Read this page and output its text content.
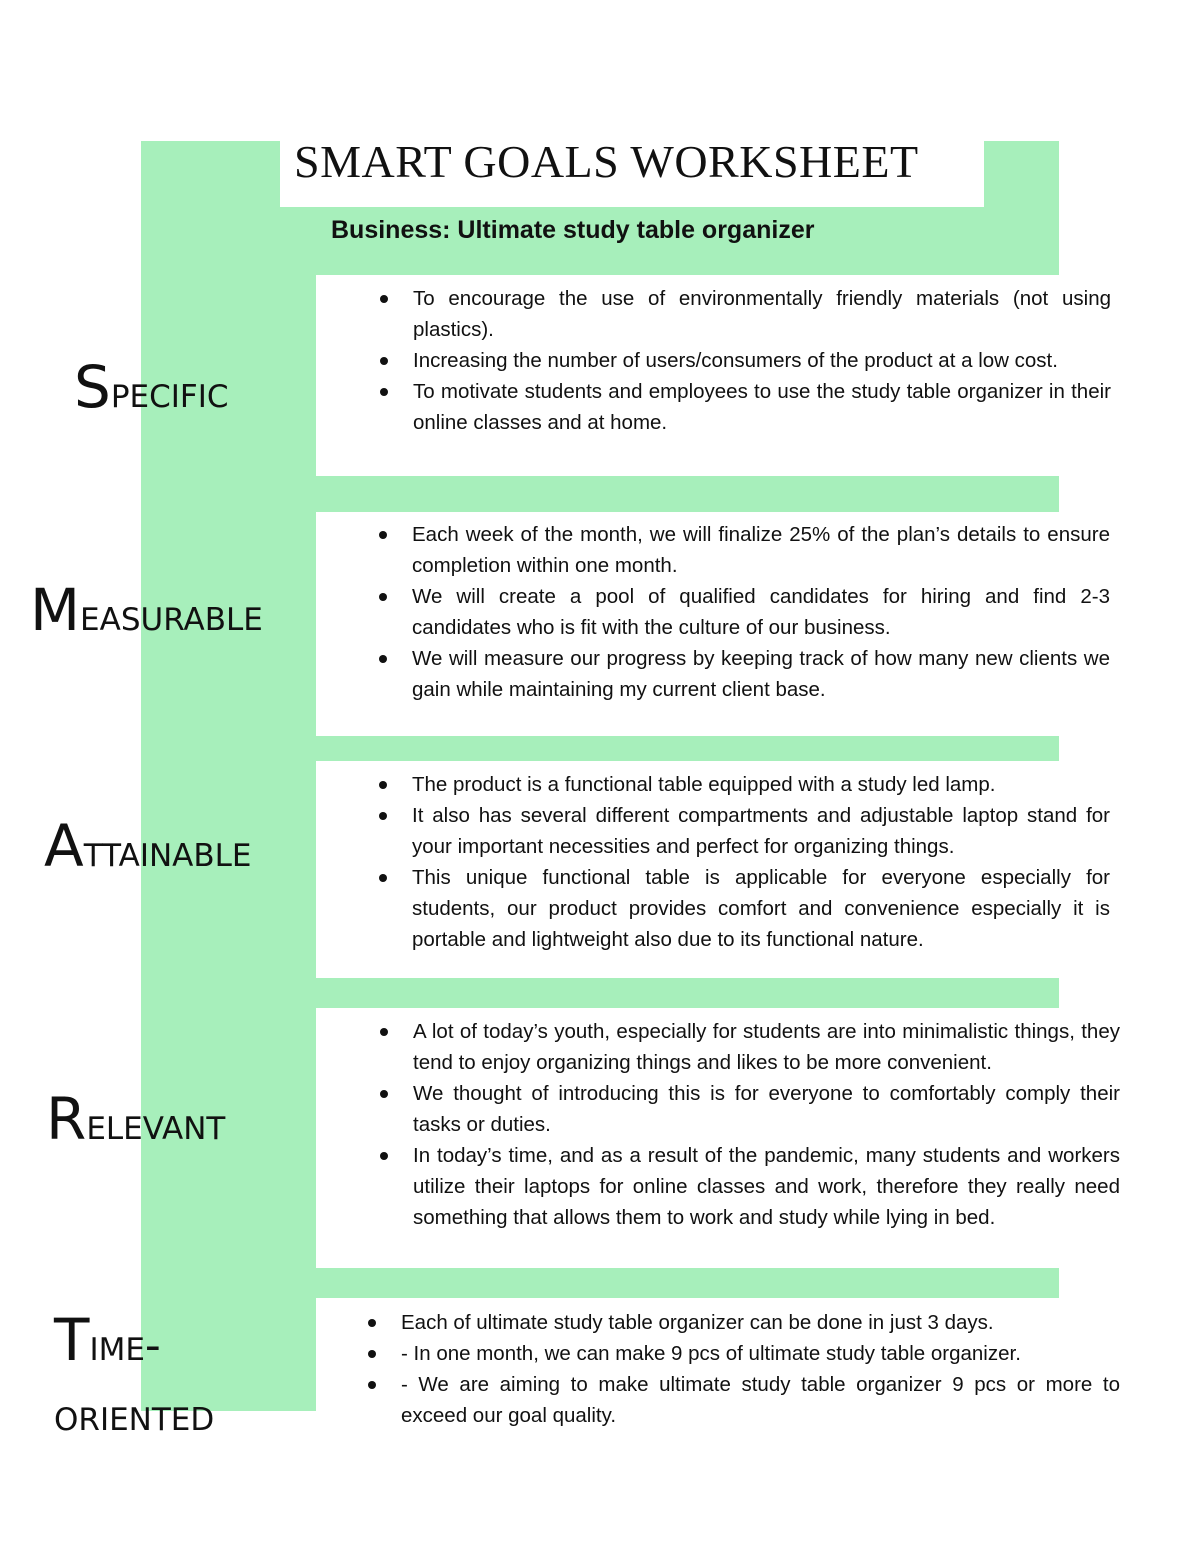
SMART GOALS WORKSHEET
Business: Ultimate study table organizer
Specific
Measurable
Attainable
Relevant
Time-
oriented
To encourage the use of environmentally friendly materials (not using plastics).
Increasing the number of users/consumers of the product at a low cost.
To motivate students and employees to use the study table organizer in their online classes and at home.
Each week of the month, we will finalize 25% of the plan’s details to ensure completion within one month.
We will create a pool of qualified candidates for hiring and find 2-3 candidates who is fit with the culture of our business.
We will measure our progress by keeping track of how many new clients we gain while maintaining my current client base.
The product is a functional table equipped with a study led lamp.
It also has several different compartments and adjustable laptop stand for your important necessities and perfect for organizing things.
This unique functional table is applicable for everyone especially for students, our product provides comfort and convenience especially it is portable and lightweight also due to its functional nature.
A lot of today’s youth, especially for students are into minimalistic things, they tend to enjoy organizing things and likes to be more convenient.
We thought of introducing this is for everyone to comfortably comply their tasks or duties.
In today’s time, and as a result of the pandemic, many students and workers utilize their laptops for online classes and work, therefore they really need something that allows them to work and study while lying in bed.
Each of ultimate study table organizer can be done in just 3 days.
- In one month, we can make 9 pcs of ultimate study table organizer.
- We are aiming to make ultimate study table organizer 9 pcs or more to exceed our goal quality.
